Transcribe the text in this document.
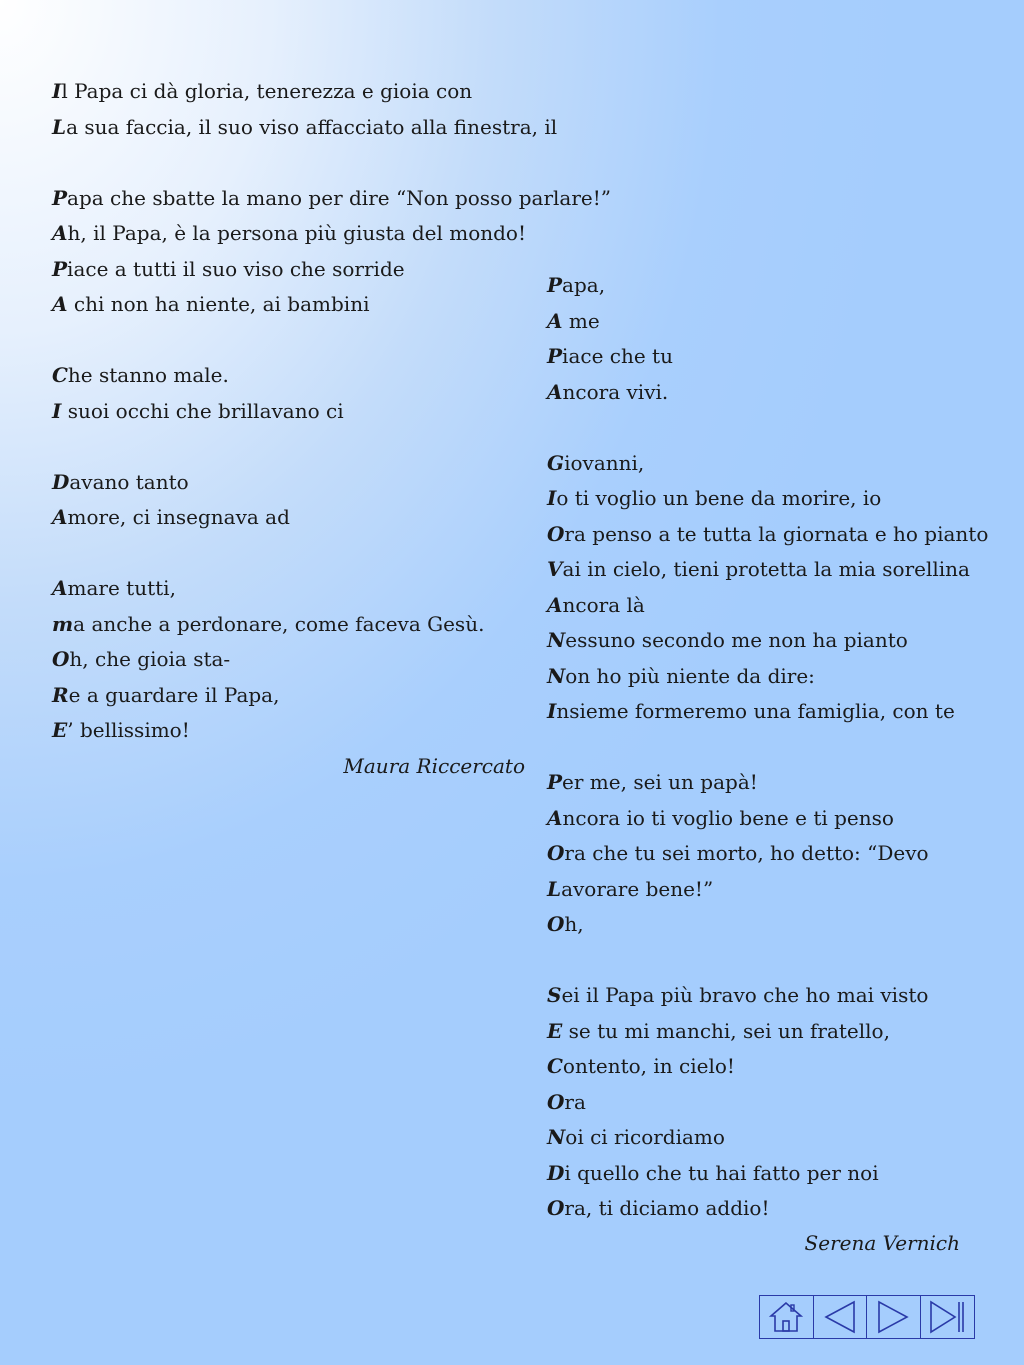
Il Papa ci dà gloria, tenerezza e gioia con
La sua faccia, il suo viso affacciato alla finestra, il
Papa che sbatte la mano per dire “Non posso parlare!”
Ah, il Papa, è la persona più giusta del mondo!
Piace a tutti il suo viso che sorride
A chi non ha niente, ai bambini
Che stanno male.
I suoi occhi che brillavano ci
Davano tanto
Amore, ci insegnava ad
Amare tutti,
ma anche a perdonare, come faceva Gesù.
Oh, che gioia sta-
Re a guardare il Papa,
E’ bellissimo!
Maura Riccercato
Papa,
A me
Piace che tu
Ancora vivi.
Giovanni,
Io ti voglio un bene da morire, io
Ora penso a te tutta la giornata e ho pianto
Vai in cielo, tieni protetta la mia sorellina
Ancora là
Nessuno secondo me non ha pianto
Non ho più niente da dire:
Insieme formeremo una famiglia, con te
Per me, sei un papà!
Ancora io ti voglio bene e ti penso
Ora che tu sei morto, ho detto: “Devo
Lavorare bene!”
Oh,
Sei il Papa più bravo che ho mai visto
E se tu mi manchi, sei un fratello,
Contento, in cielo!
Ora
Noi ci ricordiamo
Di quello che tu hai fatto per noi
Ora, ti diciamo addio!
Serena Vernich
